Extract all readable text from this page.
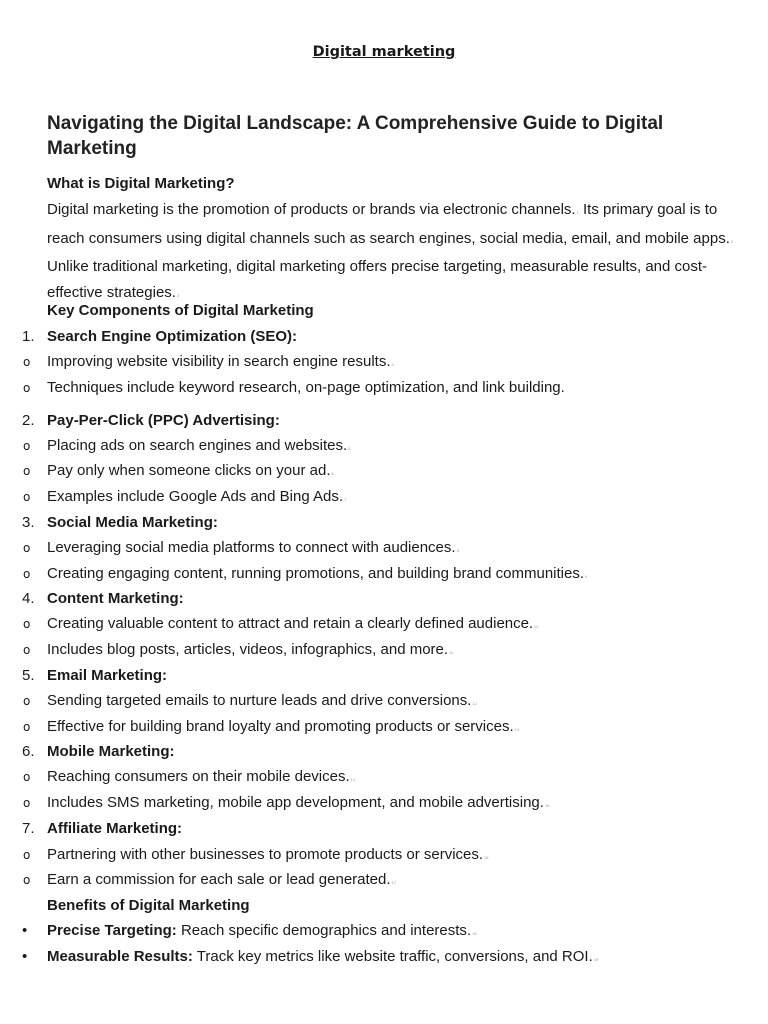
Digital marketing
Navigating the Digital Landscape: A Comprehensive Guide to Digital Marketing
What is Digital Marketing?
Digital marketing is the promotion of products or brands via electronic channels.1 Its primary goal is to reach consumers using digital channels such as search engines, social media, email, and mobile apps.2 Unlike traditional marketing, digital marketing offers precise targeting, measurable results, and cost-effective strategies.3
Key Components of Digital Marketing
1. Search Engine Optimization (SEO):
o Improving website visibility in search engine results.4
o Techniques include keyword research, on-page optimization, and link building.
2. Pay-Per-Click (PPC) Advertising:
o Placing ads on search engines and websites.5
o Pay only when someone clicks on your ad.6
o Examples include Google Ads and Bing Ads.7
3. Social Media Marketing:
o Leveraging social media platforms to connect with audiences.8
o Creating engaging content, running promotions, and building brand communities.9
4. Content Marketing:
o Creating valuable content to attract and retain a clearly defined audience.10
o Includes blog posts, articles, videos, infographics, and more.11
5. Email Marketing:
o Sending targeted emails to nurture leads and drive conversions.12
o Effective for building brand loyalty and promoting products or services.13
6. Mobile Marketing:
o Reaching consumers on their mobile devices.14
o Includes SMS marketing, mobile app development, and mobile advertising.15
7. Affiliate Marketing:
o Partnering with other businesses to promote products or services.16
o Earn a commission for each sale or lead generated.17
Benefits of Digital Marketing
• Precise Targeting: Reach specific demographics and interests.18
• Measurable Results: Track key metrics like website traffic, conversions, and ROI.19
